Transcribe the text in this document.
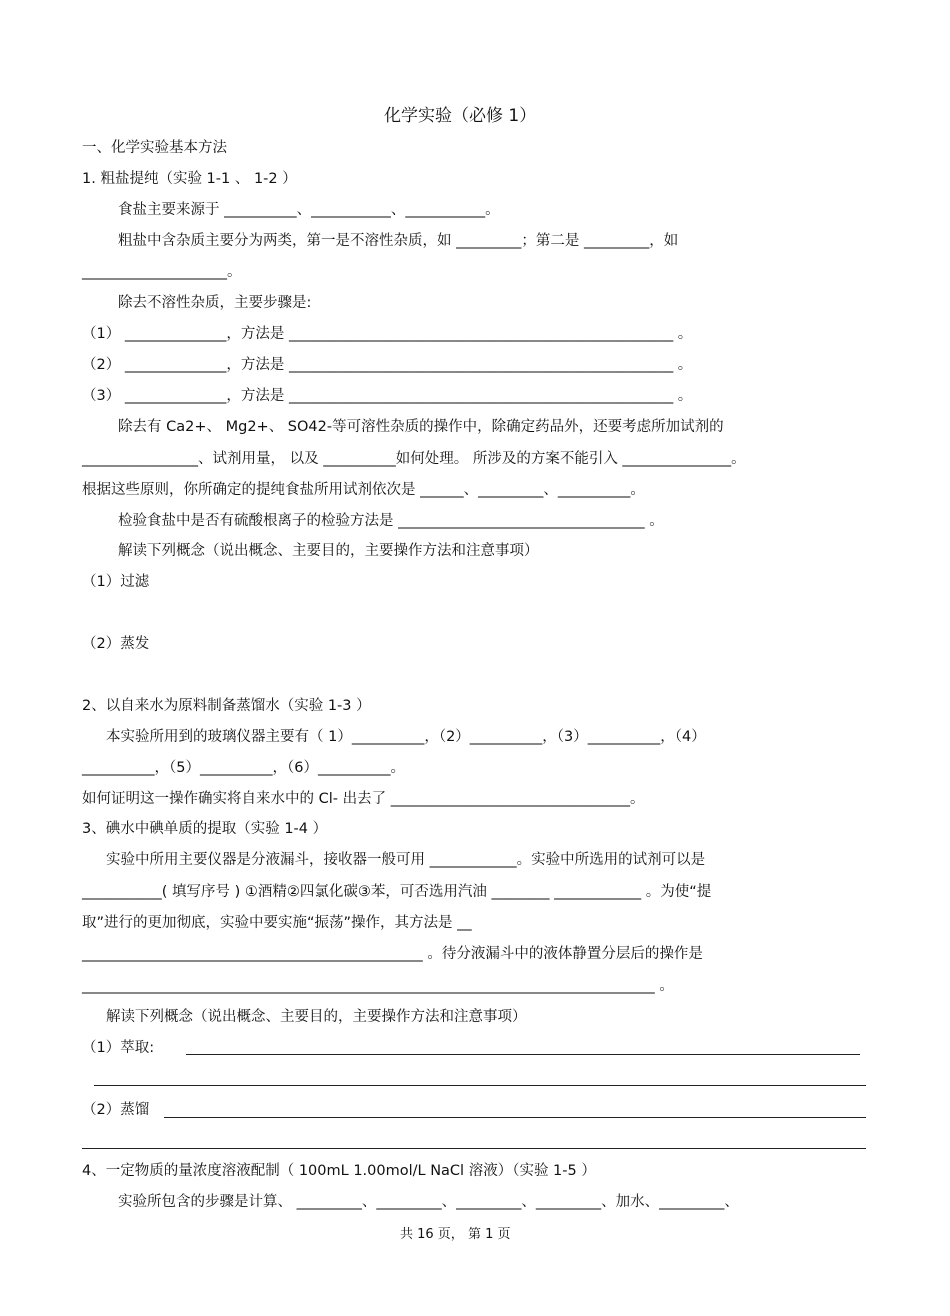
化学实验（必修 1）
一、化学实验基本方法
1. 粗盐提纯（实验 1-1 、 1-2 ）
食盐主要来源于 __________、___________、___________。
粗盐中含杂质主要分为两类，第一是不溶性杂质，如 _________；第二是 _________，如
____________________。
除去不溶性杂质，主要步骤是:
（1） ______________，方法是 _____________________________________________________ 。
（2） ______________，方法是 _____________________________________________________ 。
（3） ______________，方法是 _____________________________________________________ 。
除去有 Ca2+、 Mg2+、 SO42-等可溶性杂质的操作中，除确定药品外，还要考虑所加试剂的
________________、试剂用量， 以及 __________如何处理。 所涉及的方案不能引入 _______________。
根据这些原则，你所确定的提纯食盐所用试剂依次是 ______、_________、__________。
检验食盐中是否有硫酸根离子的检验方法是 __________________________________ 。
解读下列概念（说出概念、主要目的，主要操作方法和注意事项）
（1）过滤
（2）蒸发
2、以自来水为原料制备蒸馏水（实验 1-3 ）
本实验所用到的玻璃仪器主要有（ 1）__________，（2）__________，（3）__________，（4）
__________，（5）__________，（6）__________。
如何证明这一操作确实将自来水中的 Cl- 出去了 _________________________________。
3、碘水中碘单质的提取（实验 1-4 ）
实验中所用主要仪器是分液漏斗，接收器一般可用 ____________。实验中所选用的试剂可以是
___________( 填写序号 ) ①酒精②四氯化碳③苯，可否选用汽油 ________ ____________ 。为使“提
取”进行的更加彻底，实验中要实施“振荡”操作，其方法是 __
_______________________________________________ 。待分液漏斗中的液体静置分层后的操作是
_______________________________________________________________________________ 。
解读下列概念（说出概念、主要目的，主要操作方法和注意事项）
（1）萃取:
（2）蒸馏
4、一定物质的量浓度溶液配制（ 100mL 1.00mol/L NaCl 溶液）（实验 1-5 ）
实验所包含的步骤是计算、 _________、_________、_________、_________、加水、_________、
共 16 页， 第 1 页
